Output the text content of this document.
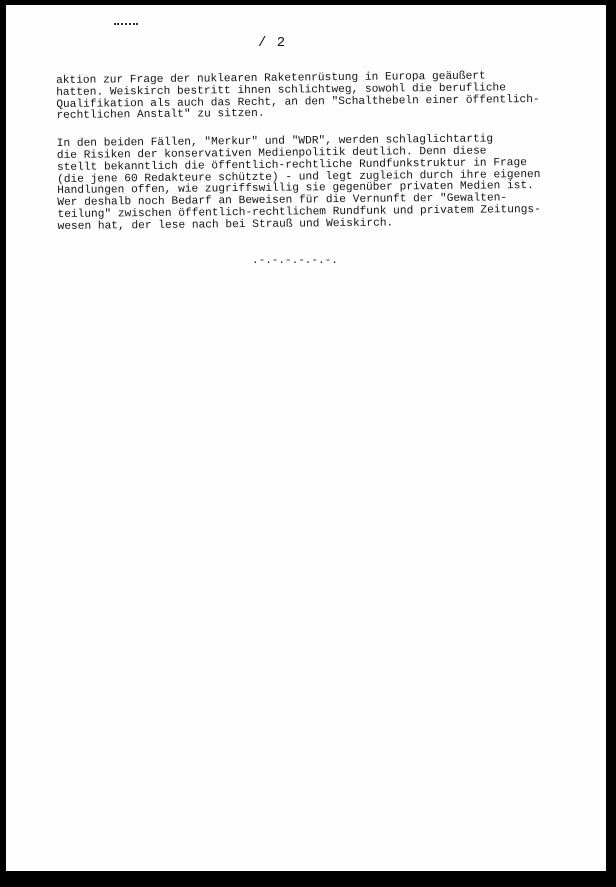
/ 2

aktion zur Frage der nuklearen Raketenrüstung in Europa geäußert
hatten. Weiskirch bestritt ihnen schlichtweg, sowohl die berufliche
Qualifikation als auch das Recht, an den "Schalthebeln einer öffentlich-
rechtlichen Anstalt" zu sitzen.

In den beiden Fällen, "Merkur" und "WDR", werden schlaglichtartig
die Risiken der konservativen Medienpolitik deutlich. Denn diese
stellt bekanntlich die öffentlich-rechtliche Rundfunkstruktur in Frage
(die jene 60 Redakteure schützte) - und legt zugleich durch ihre eigenen
Handlungen offen, wie zugriffswillig sie gegenüber privaten Medien ist.
Wer deshalb noch Bedarf an Beweisen für die Vernunft der "Gewalten-
teilung" zwischen öffentlich-rechtlichem Rundfunk und privatem Zeitungs-
wesen hat, der lese nach bei Strauß und Weiskirch.

.-.-.-.-.-.-.
